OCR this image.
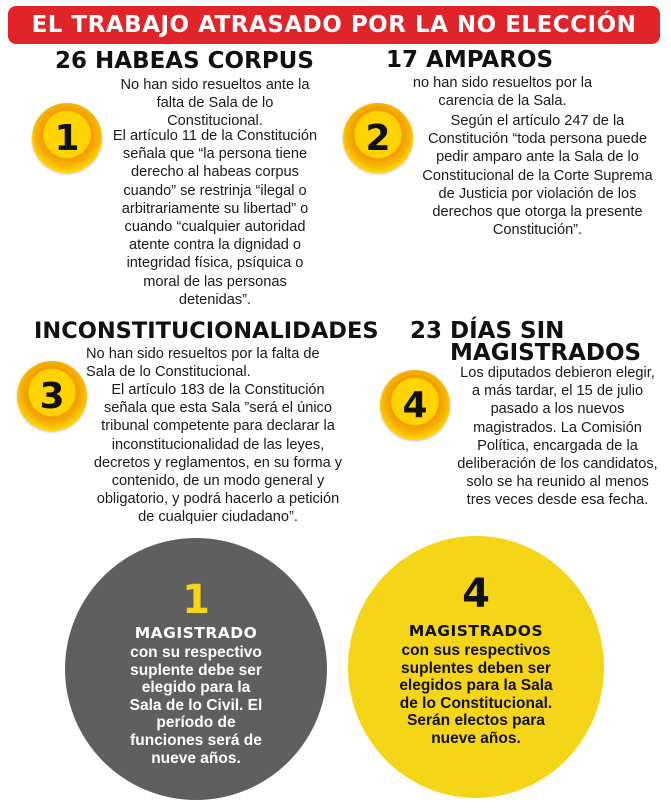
EL TRABAJO ATRASADO POR LA NO ELECCIÓN
26 HABEAS CORPUS
1

No han sido resueltos ante la falta de Sala de lo Constitucional.

El artículo 11 de la Constitución señala que “la persona tiene derecho al habeas corpus cuando” se restrinja “ilegal o arbitrariamente su libertad” o cuando “cualquier autoridad atente contra la dignidad o integridad física, psíquica o moral de las personas detenidas”.

17 AMPAROS
2

no han sido resueltos por la carencia de la Sala.

Según el artículo 247 de la Constitución “toda persona puede pedir amparo ante la Sala de lo Constitucional de la Corte Suprema de Justicia por violación de los derechos que otorga la presente Constitución”.

INCONSTITUCIONALIDADES
3

No han sido resueltos por la falta de Sala de lo Constitucional.

El artículo 183 de la Constitución señala que esta Sala ”será el único tribunal competente para declarar la inconstitucionalidad de las leyes, decretos y reglamentos, en su forma y contenido, de un modo general y obligatorio, y podrá hacerlo a petición de cualquier ciudadano”.

23 DÍAS SIN
MAGISTRADOS
4

Los diputados debieron elegir, a más tardar, el 15 de julio pasado a los nuevos magistrados. La Comisión Política, encargada de la deliberación de los candidatos, solo se ha reunido al menos tres veces desde esa fecha.

1
MAGISTRADO
con su respectivo suplente debe ser elegido para la Sala de lo Civil. El período de funciones será de nueve años.
4
MAGISTRADOS
con sus respectivos suplentes deben ser elegidos para la Sala de lo Constitucional. Serán electos para nueve años.
